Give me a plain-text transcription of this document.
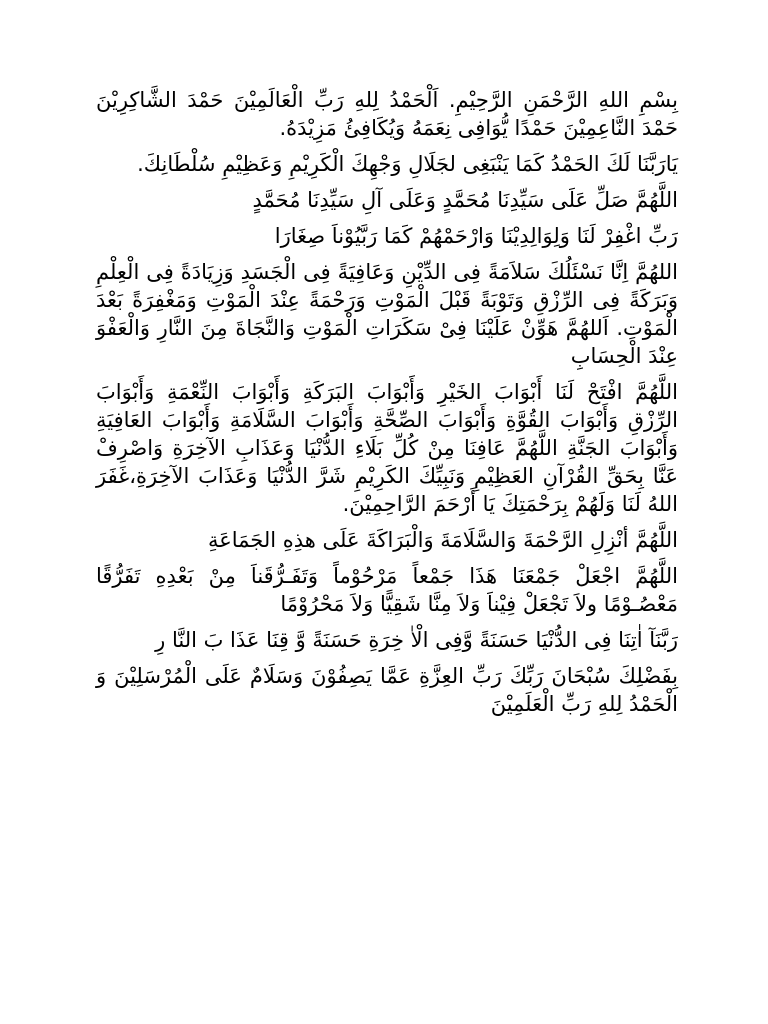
بِسْمِ اللهِ الرَّحْمَنِ الرَّحِيْمِ. اَلْحَمْدُ لِلهِ رَبِّ الْعَالَمِيْنَ حَمْدَ الشَّاكِرِيْنَ حَمْدَ النَّاعِمِيْنَ حَمْدًا يُّوَافِى نِعَمَهُ وَيُكَافِئُ مَزِيْدَهُ.

يَارَبَّنَا لَكَ الحَمْدُ كَمَا يَنْبَغِى لجَلَالِ وَجْهِكَ الْكَرِيْمِ وَعَظِيْمِ سُلْطَانِكَ.

اللَّهُمَّ صَلِّ عَلَى سَيِّدِنَا مُحَمَّدٍ وَعَلَى آلِ سَيِّدِنَا مُحَمَّدٍ

رَبِّ اغْفِرْ لَنَا وَلِوَالِدِيْنَا وَارْحَمْهُمْ كَمَا رَبَّيُوْناَ صِغَارَا

اللهُمَّ اِنَّا نَسْئَلُكَ سَلاَمَةً فِى الدِّيْنِ وَعَافِيَةً فِى الْجَسَدِ وَزِيَادَةً فِى الْعِلْمِ وَبَرَكَةً فِى الرِّزْقِ وَتَوْبَةً قَبْلَ الْمَوْتِ وَرَحْمَةً عِنْدَ الْمَوْتِ وَمَغْفِرَةً بَعْدَ الْمَوْتِ. اَللهُمَّ هَوِّنْ عَلَيْنَا فِىْ سَكَرَاتِ الْمَوْتِ وَالنَّجَاةَ مِنَ النَّارِ وَالْعَفْوَ عِنْدَ الْحِسَابِ

اللَّهُمَّ افْتَحْ لَنَا أَبْوَابَ الخَيْرِ وَأَبْوَابَ البَرَكَةِ وَأَبْوَابَ النِّعْمَةِ وَأَبْوَابَ الرِّزْقِ وَأَبْوَابَ القُوَّةِ وَأَبْوَابَ الصِّحَّةِ وَأَبْوَابَ السَّلَامَةِ وَأَبْوَابَ العَافِيَةِ وَأَبْوَابَ الجَنَّةِ اللَّهُمَّ عَافِنَا مِنْ كُلِّ بَلَاءِ الدُّنْيَا وَعَذَابِ الآخِرَةِ وَاصْرِفْ عَنَّا بِحَقِّ القُرْآنِ العَظِيْمِ وَنَبِيِّكَ الكَرِيْمِ شَرَّ الدُّنْيَا وَعَذَابَ الآخِرَةِ،غَفَرَ اللهُ لَنَا وَلَهُمْ بِرَحْمَتِكَ يَا أَرْحَمَ الرَّاحِمِيْنَ.

اللَّهُمَّ أنْزِلِ الرَّحْمَةَ وَالسَّلَامَةَ وَالْبَرَاكَةَ عَلَى هذِهِ الجَمَاعَةِ

اللَّهُمَّ اجْعَلْ جَمْعَنَا هَذَا جَمْعاً مَرْحُوْماً وَتَفَـرُّقَناَ مِنْ بَعْدِهِ تَفَرُّقًا مَعْصُـوْمًا ولاَ تَجْعَلْ فِيْناَ وَلاَ مِنَّا شَقِيًّا وَلاَ مَحْرُوْمًا

رَبَّنَآ اٰتِنَا فِى الدُّنْيَا حَسَنَةً وَّفِى الْاٰ خِرَةِ حَسَنَةً وَّ قِنَا عَذَا بَ النَّا رِ

بِفَضْلِكَ سُبْحَانَ رَبِّكَ رَبِّ العِزَّةِ عَمَّا يَصِفُوْنَ وَسَلَامٌ عَلَى الْمُرْسَلِيْنَ وَ الْحَمْدُ لِلهِ رَبِّ الْعَلَمِيْنَ
